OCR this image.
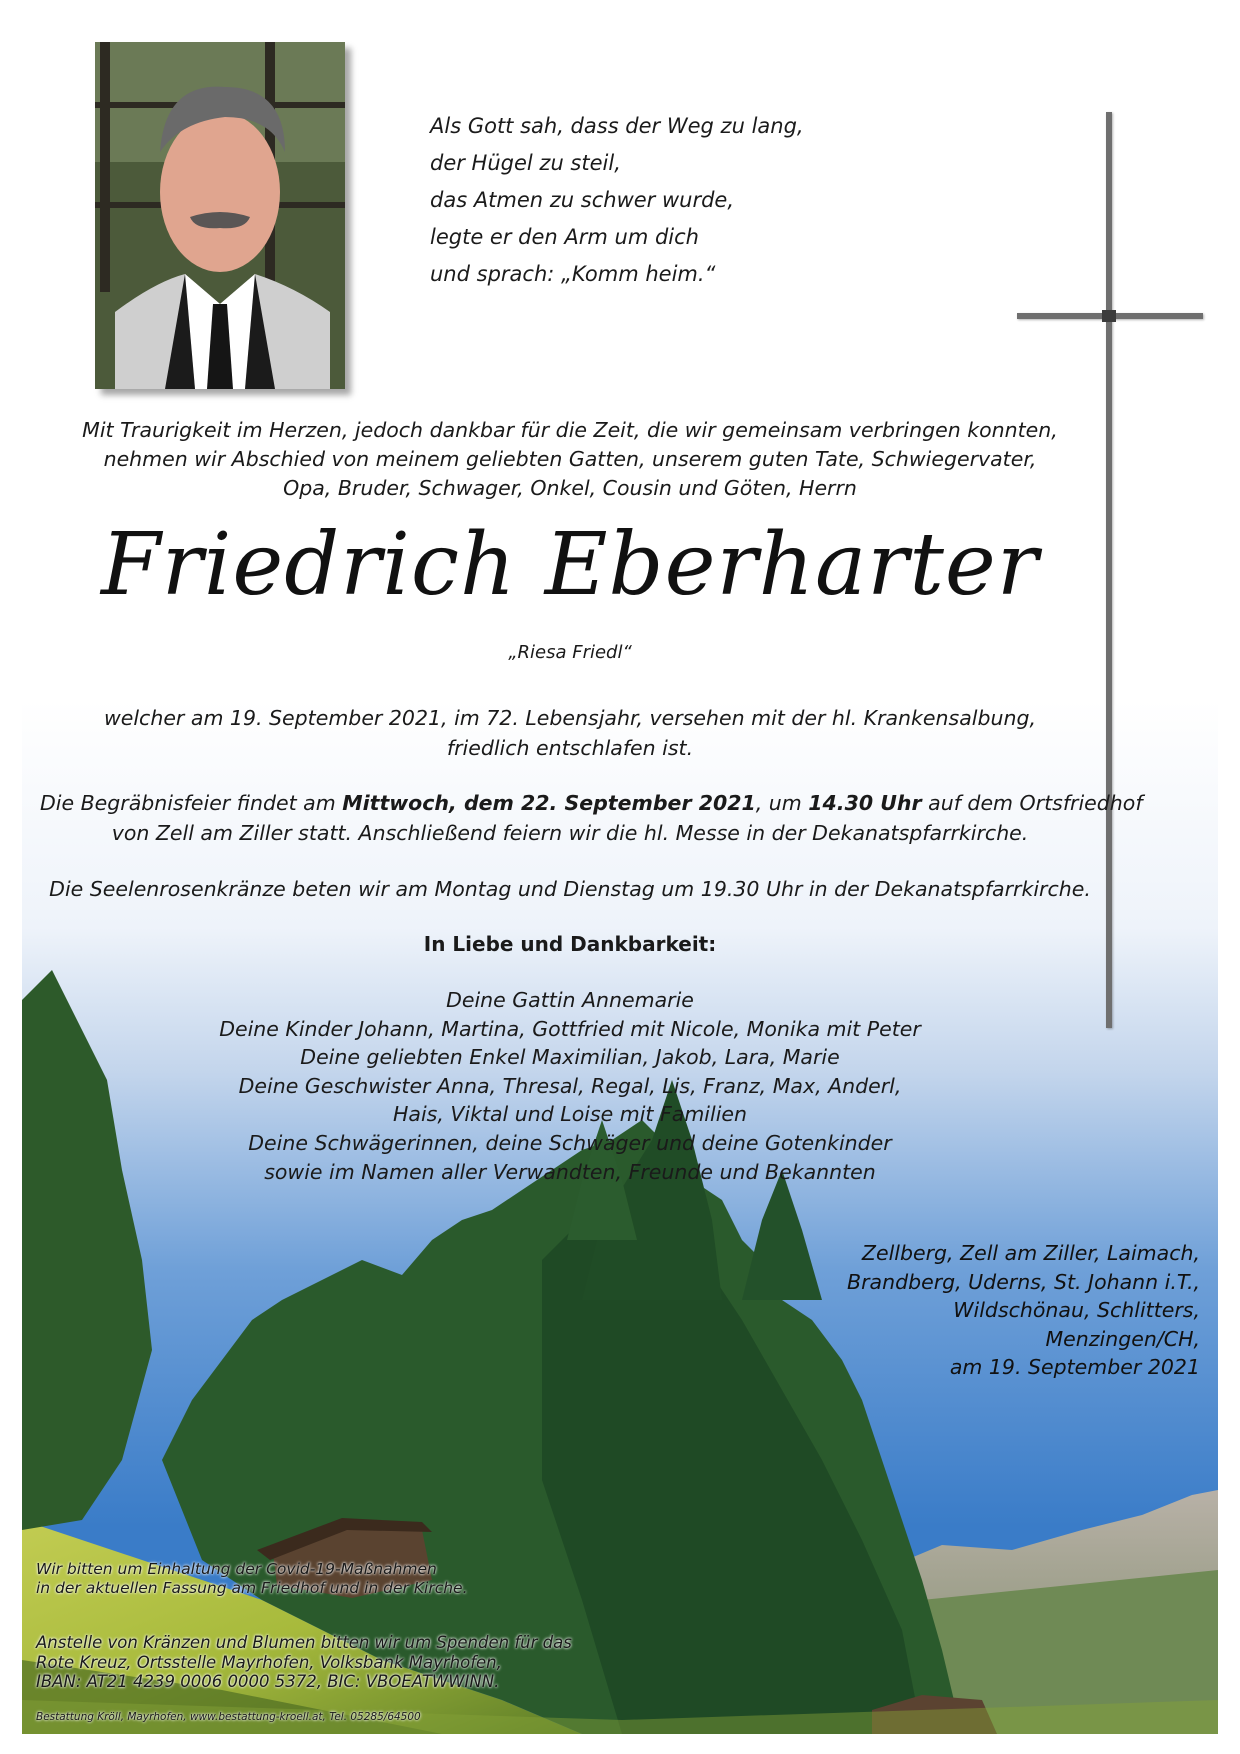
Als Gott sah, dass der Weg zu lang,
der Hügel zu steil,
das Atmen zu schwer wurde,
legte er den Arm um dich
und sprach: „Komm heim.“
Mit Traurigkeit im Herzen, jedoch dankbar für die Zeit, die wir gemeinsam verbringen konnten,
nehmen wir Abschied von meinem geliebten Gatten, unserem guten Tate, Schwiegervater,
Opa, Bruder, Schwager, Onkel, Cousin und Göten, Herrn
Friedrich Eberharter
„Riesa Friedl“
welcher am 19. September 2021, im 72. Lebensjahr, versehen mit der hl. Krankensalbung,
friedlich entschlafen ist.
Die Begräbnisfeier findet am Mittwoch, dem 22. September 2021, um 14.30 Uhr auf dem Ortsfriedhof
von Zell am Ziller statt. Anschließend feiern wir die hl. Messe in der Dekanatspfarrkirche.
Die Seelenrosenkränze beten wir am Montag und Dienstag um 19.30 Uhr in der Dekanatspfarrkirche.
In Liebe und Dankbarkeit:
Deine Gattin Annemarie
Deine Kinder Johann, Martina, Gottfried mit Nicole, Monika mit Peter
Deine geliebten Enkel Maximilian, Jakob, Lara, Marie
Deine Geschwister Anna, Thresal, Regal, Lis, Franz, Max, Anderl,
Hais, Viktal und Loise mit Familien
Deine Schwägerinnen, deine Schwäger und deine Gotenkinder
sowie im Namen aller Verwandten, Freunde und Bekannten
Zellberg, Zell am Ziller, Laimach,
Brandberg, Uderns, St. Johann i.T.,
Wildschönau, Schlitters,
Menzingen/CH,
am 19. September 2021
Wir bitten um Einhaltung der Covid-19-Maßnahmen
in der aktuellen Fassung am Friedhof und in der Kirche.
Anstelle von Kränzen und Blumen bitten wir um Spenden für das
Rote Kreuz, Ortsstelle Mayrhofen, Volksbank Mayrhofen,
IBAN: AT21 4239 0006 0000 5372, BIC: VBOEATWWINN.
Bestattung Kröll, Mayrhofen, www.bestattung-kroell.at, Tel. 05285/64500
